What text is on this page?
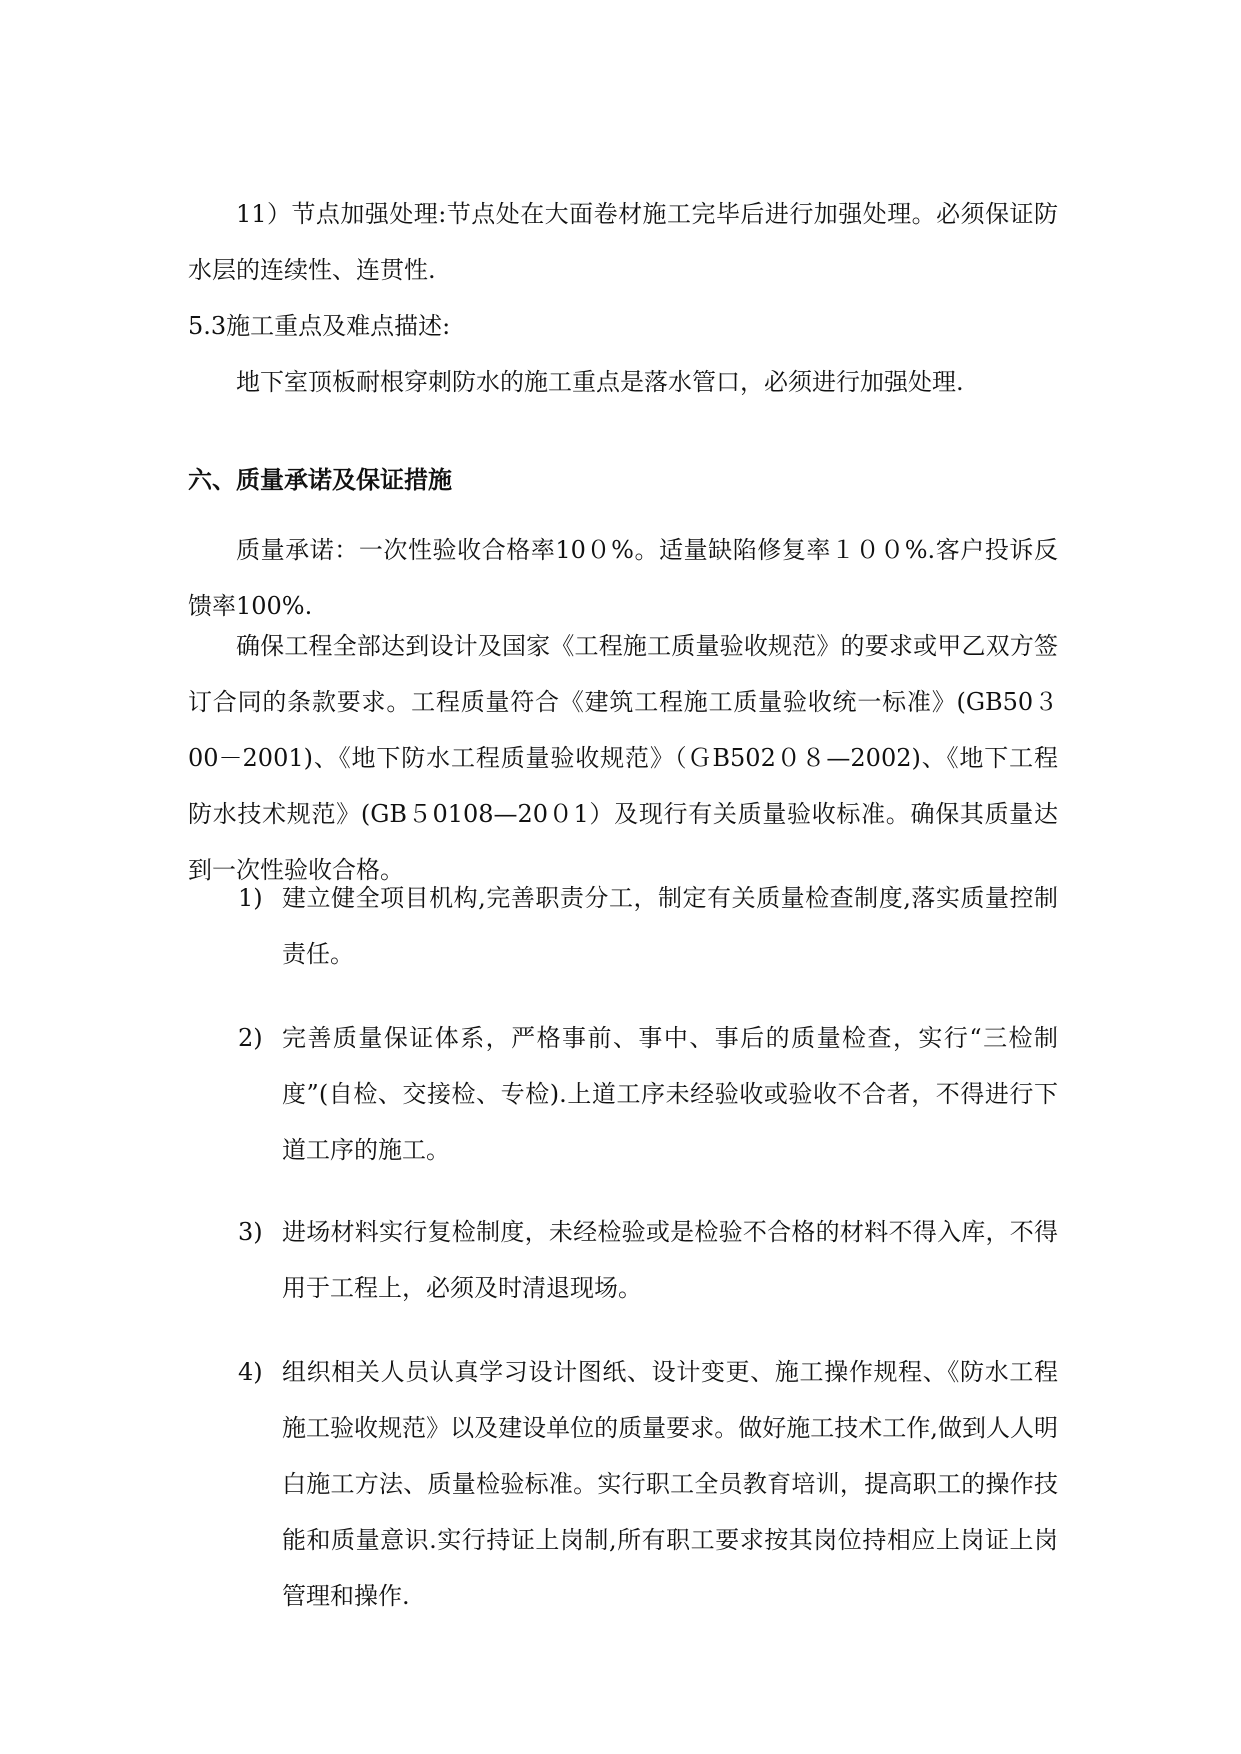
11）节点加强处理:节点处在大面卷材施工完毕后进行加强处理。必须保证防水层的连续性、连贯性.

5.3施工重点及难点描述:

地下室顶板耐根穿刺防水的施工重点是落水管口，必须进行加强处理.

六、质量承诺及保证措施

质量承诺：一次性验收合格率10０%。适量缺陷修复率１００%.客户投诉反馈率100%.

确保工程全部达到设计及国家《工程施工质量验收规范》的要求或甲乙双方签订合同的条款要求。工程质量符合《建筑工程施工质量验收统一标准》(GB50３00－2001)、《地下防水工程质量验收规范》（ＧB502０８—2002)、《地下工程防水技术规范》(GB５0108—20０1）及现行有关质量验收标准。确保其质量达到一次性验收合格。

1) 建立健全项目机构,完善职责分工，制定有关质量检查制度,落实质量控制责任。
2) 完善质量保证体系，严格事前、事中、事后的质量检查，实行“三检制度”(自检、交接检、专检).上道工序未经验收或验收不合者，不得进行下道工序的施工。
3) 进场材料实行复检制度，未经检验或是检验不合格的材料不得入库，不得用于工程上，必须及时清退现场。
4) 组织相关人员认真学习设计图纸、设计变更、施工操作规程、《防水工程施工验收规范》以及建设单位的质量要求。做好施工技术工作,做到人人明白施工方法、质量检验标准。实行职工全员教育培训，提高职工的操作技能和质量意识.实行持证上岗制,所有职工要求按其岗位持相应上岗证上岗管理和操作.
